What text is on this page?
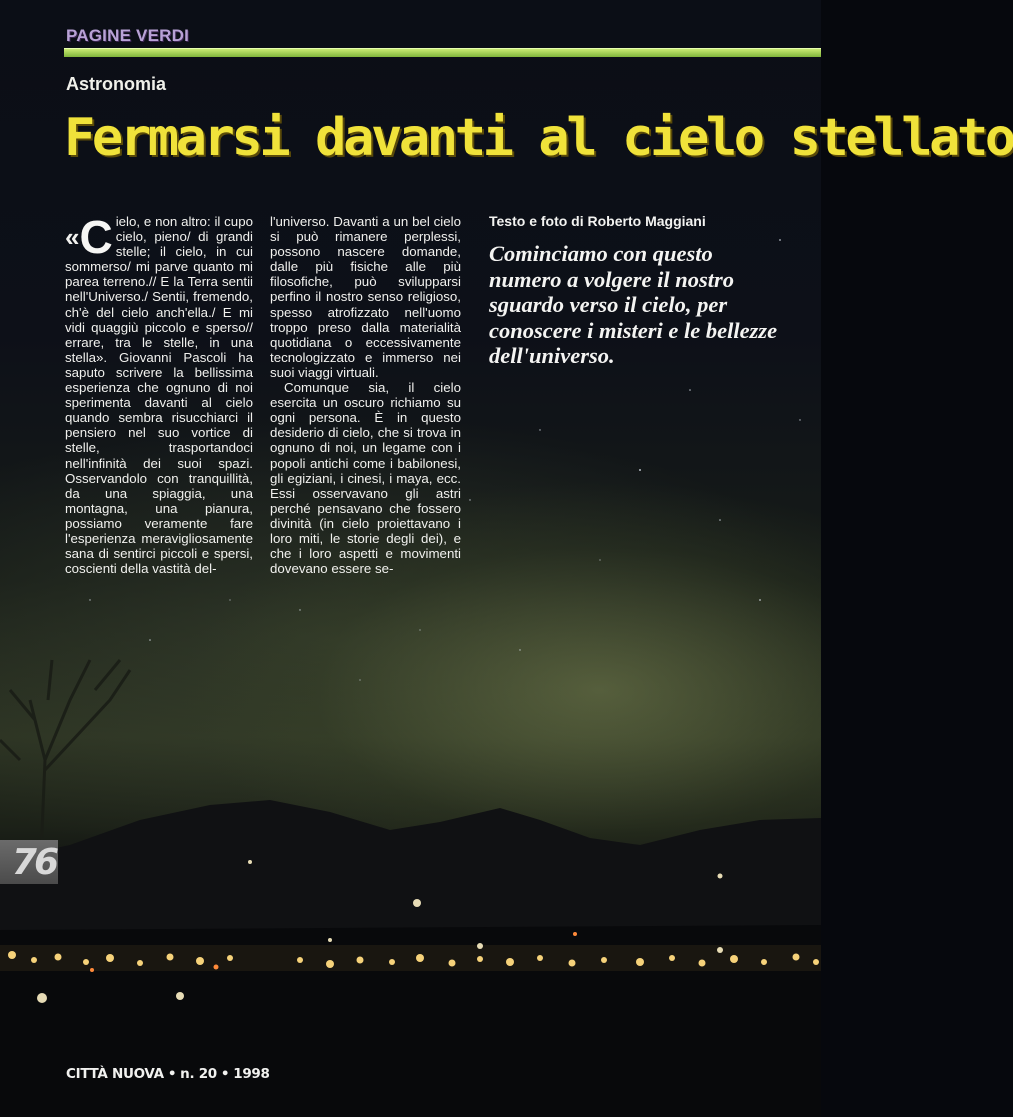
PAGINE VERDI
Astronomia
Fermarsi davanti al cielo stellato

« C ielo, e non altro: il cupo cielo, pieno/ di grandi stelle; il cielo, in cui sommerso/ mi parve quanto mi parea terreno.// E la Terra sentii nell'Universo./ Sentii, fremendo, ch'è del cielo anch'ella./ E mi vidi quaggiù piccolo e sperso// errare, tra le stelle, in una stella». Giovanni Pascoli ha saputo scrivere la bellissima esperienza che ognuno di noi sperimenta davanti al cielo quando sembra risucchiarci il pensiero nel suo vortice di stelle, trasportandoci nell'infinità dei suoi spazi. Osservandolo con tranquillità, da una spiaggia, una montagna, una pianura, possiamo veramente fare l'esperienza meravigliosamente sana di sentirci piccoli e spersi, coscienti della vastità del-

l'universo. Davanti a un bel cielo si può rimanere perplessi, possono nascere domande, dalle più fisiche alle più filosofiche, può svilupparsi perfino il nostro senso religioso, spesso atrofizzato nell'uomo troppo preso dalla materialità quotidiana o eccessivamente tecnologizzato e immerso nei suoi viaggi virtuali.

Comunque sia, il cielo esercita un oscuro richiamo su ogni persona. È in questo desiderio di cielo, che si trova in ognuno di noi, un legame con i popoli antichi come i babilonesi, gli egiziani, i cinesi, i maya, ecc. Essi osservavano gli astri perché pensavano che fossero divinità (in cielo proiettavano i loro miti, le storie degli dei), e che i loro aspetti e movimenti dovevano essere se-

Testo e foto di Roberto Maggiani
Cominciamo con questo numero a volgere il nostro sguardo verso il cielo, per conoscere i misteri e le bellezze dell'universo.
76
CITTÀ NUOVA • n. 20 • 1998
